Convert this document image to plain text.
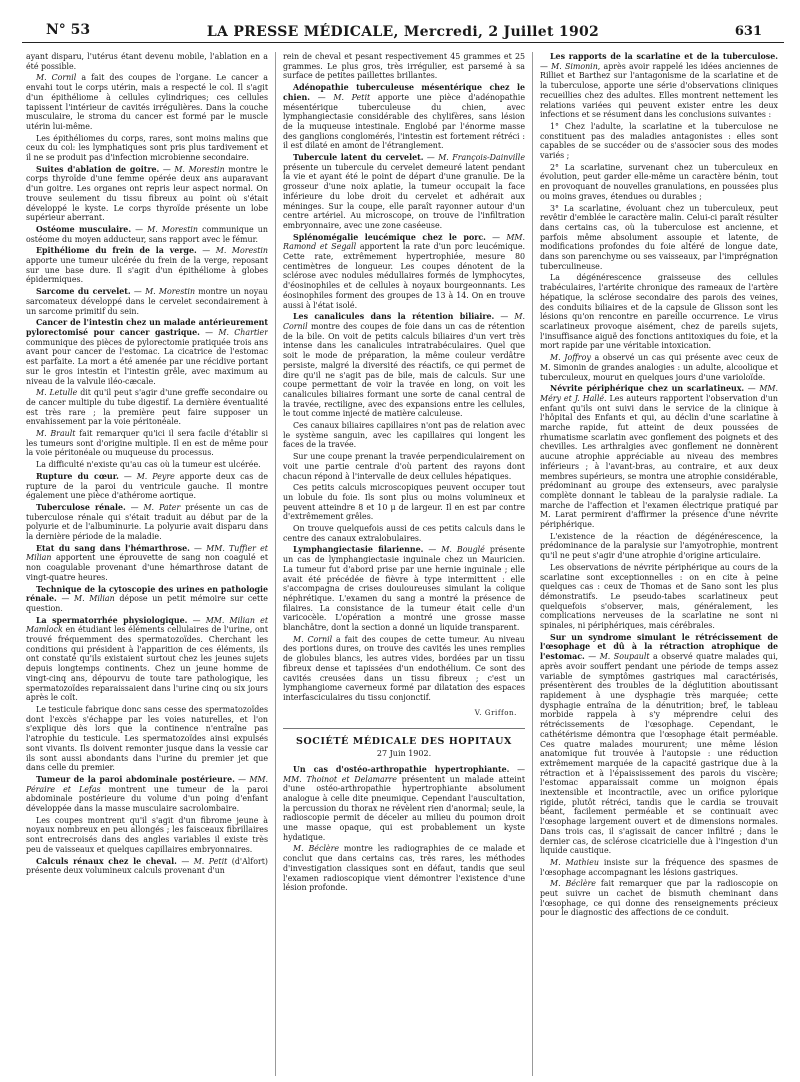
N° 53	LA PRESSE MÉDICALE, Mercredi, 2 Juillet 1902	631

ayant disparu, l'utérus étant devenu mobile, l'ablation en a été possible.

M. Cornil a fait des coupes de l'organe. Le cancer a envahi tout le corps utérin, mais a respecté le col. Il s'agit d'un épithéliome à cellules cylindriques; ces cellules tapissent l'intérieur de cavités irrégulières. Dans la couche musculaire, le stroma du cancer est formé par le muscle utérin lui-même.

Les épithéliomes du corps, rares, sont moins malins que ceux du col: les lymphatiques sont pris plus tardivement et il ne se produit pas d'infection microbienne secondaire.

Suites d'ablation de goitre. — M. Morestin montre le corps thyroïde d'une femme opérée deux ans auparavant d'un goitre. Les organes ont repris leur aspect normal. On trouve seulement du tissu fibreux au point où s'était développé le kyste. Le corps thyroïde présente un lobe supérieur aberrant.

Ostéome musculaire. — M. Morestin communique un ostéome du moyen adducteur, sans rapport avec le fémur.

Epithéliome du frein de la verge. — M. Morestin apporte une tumeur ulcérée du frein de la verge, reposant sur une base dure. Il s'agit d'un épithéliome à globes épidermiques.

Sarcome du cervelet. — M. Morestin montre un noyau sarcomateux développé dans le cervelet secondairement à un sarcome primitif du sein.

Cancer de l'intestin chez un malade antérieurement pylorectomisé pour cancer gastrique. — M. Chartier communique des pièces de pylorectomie pratiquée trois ans avant pour cancer de l'estomac. La cicatrice de l'estomac est parfaite. La mort a été amenée par une récidive portant sur le gros intestin et l'intestin grêle, avec maximum au niveau de la valvule iléo-cæcale.

M. Letulle dit qu'il peut s'agir d'une greffe secondaire ou de cancer multiple du tube digestif. La dernière éventualité est très rare ; la première peut faire supposer un envahissement par la voie péritonéale.

M. Brault fait remarquer qu'ici il sera facile d'établir si les tumeurs sont d'origine multiple. Il en est de même pour la voie péritonéale ou muqueuse du processus.

La difficulté n'existe qu'au cas où la tumeur est ulcérée.

Rupture du cœur. — M. Peyre apporte deux cas de rupture de la paroi du ventricule gauche. Il montre également une pièce d'athérome aortique.

Tuberculose rénale. — M. Pater présente un cas de tuberculose rénale qui s'était traduit au début par de la polyurie et de l'albuminurie. La polyurie avait disparu dans la dernière période de la maladie.

Etat du sang dans l'hémarthrose. — MM. Tuffier et Milian apportent une éprouvette de sang non coagulé et non coagulable provenant d'une hémarthrose datant de vingt-quatre heures.

Technique de la cytoscopie des urines en pathologie rénale. — M. Milian dépose un petit mémoire sur cette question.

La spermatorrhée physiologique. — MM. Milian et Mamlock en étudiant les éléments cellulaires de l'urine, ont trouvé fréquemment des spermatozoïdes. Cherchant les conditions qui président à l'apparition de ces éléments, ils ont constaté qu'ils existaient surtout chez les jeunes sujets depuis longtemps continents. Chez un jeune homme de vingt-cinq ans, dépourvu de toute tare pathologique, les spermatozoïdes reparaissaient dans l'urine cinq ou six jours après le coït.

Le testicule fabrique donc sans cesse des spermatozoïdes dont l'excès s'échappe par les voies naturelles, et l'on s'explique dès lors que la continence n'entraîne pas l'atrophie du testicule. Les spermatozoïdes ainsi expulsés sont vivants. Ils doivent remonter jusque dans la vessie car ils sont aussi abondants dans l'urine du premier jet que dans celle du premier.

Tumeur de la paroi abdominale postérieure. — MM. Péraire et Lefas montrent une tumeur de la paroi abdominale postérieure du volume d'un poing d'enfant développée dans la masse musculaire sacrolombaire.

Les coupes montrent qu'il s'agit d'un fibrome jeune à noyaux nombreux en peu allongés ; les faisceaux fibrillaires sont entrecroisés dans des angles variables il existe très peu de vaisseaux et quelques capillaires embryonnaires.

Calculs rénaux chez le cheval. — M. Petit (d'Alfort) présente deux volumineux calculs provenant d'un

rein de cheval et pesant respectivement 45 grammes et 25 grammes. Le plus gros, très irrégulier, est parsemé à sa surface de petites paillettes brillantes.

Adénopathie tuberculeuse mésentérique chez le chien. — M. Petit apporte une pièce d'adénopathie mésentérique tuberculeuse du chien, avec lymphangiectasie considérable des chylifères, sans lésion de la muqueuse intestinale. Englobé par l'énorme masse des ganglions conglomérés, l'intestin est fortement rétréci : il est dilaté en amont de l'étranglement.

Tubercule latent du cervelet. — M. François-Dainville présente un tubercule du cervelet demeuré latent pendant la vie et ayant été le point de départ d'une granulie. De la grosseur d'une noix aplatie, la tumeur occupait la face inférieure du lobe droit du cervelet et adhérait aux méninges. Sur la coupe, elle paraît rayonner autour d'un centre artériel. Au microscope, on trouve de l'infiltration embryonnaire, avec une zone caséeuse.

Splénomégalie leucémique chez le porc. — MM. Ramond et Segall apportent la rate d'un porc leucémique. Cette rate, extrêmement hypertrophiée, mesure 80 centimètres de longueur. Les coupes dénotent de la sclérose avec nodules médullaires formés de lymphocytes, d'éosinophiles et de cellules à noyaux bourgeonnants. Les éosinophiles forment des groupes de 13 à 14. On en trouve aussi à l'état isolé.

Les canalicules dans la rétention biliaire. — M. Cornil montre des coupes de foie dans un cas de rétention de la bile. On voit de petits calculs biliaires d'un vert très intense dans les canalicules intratrabéculaires. Quel que soit le mode de préparation, la même couleur verdâtre persiste, malgré la diversité des réactifs, ce qui permet de dire qu'il ne s'agit pas de bile, mais de calculs. Sur une coupe permettant de voir la travée en long, on voit les canalicules biliaires formant une sorte de canal central de la travée, rectiligne, avec des expansions entre les cellules, le tout comme injecté de matière calculeuse.

Ces canaux biliaires capillaires n'ont pas de relation avec le système sanguin, avec les capillaires qui longent les faces de la travée.

Sur une coupe prenant la travée perpendiculairement on voit une partie centrale d'où partent des rayons dont chacun répond à l'intervalle de deux cellules hépatiques.

Ces petits calculs microscopiques peuvent occuper tout un lobule du foie. Ils sont plus ou moins volumineux et peuvent atteindre 8 et 10 μ de largeur. Il en est par contre d'extrêmement grêles.

On trouve quelquefois aussi de ces petits calculs dans le centre des canaux extralobulaires.

Lymphangiectasie filarienne. — M. Bouglé présente un cas de lymphangiectasie inguinale chez un Mauricien. La tumeur fut d'abord prise par une hernie inguinale ; elle avait été précédée de fièvre à type intermittent : elle s'accompagna de crises douloureuses simulant la colique néphrétique. L'examen du sang a montré la présence de filaires. La consistance de la tumeur était celle d'un varicocèle. L'opération a montré une grosse masse blanchâtre, dont la section a donné un liquide transparent.

M. Cornil a fait des coupes de cette tumeur. Au niveau des portions dures, on trouve des cavités les unes remplies de globules blancs, les autres vides, bordées par un tissu fibreux dense et tapissées d'un endothélium. Ce sont des cavités creusées dans un tissu fibreux ; c'est un lymphangiome caverneux formé par dilatation des espaces interfasciculaires du tissu conjonctif.

V. Griffon.
SOCIÉTÉ MÉDICALE DES HOPITAUX
27 Juin 1902.

Un cas d'ostéo-arthropathie hypertrophiante. — MM. Thoinot et Delamarre présentent un malade atteint d'une ostéo-arthropathie hypertrophiante absolument analogue à celle dite pneumique. Cependant l'auscultation, la percussion du thorax ne révèlent rien d'anormal; seule, la radioscopie permit de déceler au milieu du poumon droit une masse opaque, qui est probablement un kyste hydatique.

M. Béclère montre les radiographies de ce malade et conclut que dans certains cas, très rares, les méthodes d'investigation classiques sont en défaut, tandis que seul l'examen radioscopique vient démontrer l'existence d'une lésion profonde.

Les rapports de la scarlatine et de la tuberculose. — M. Simonin, après avoir rappelé les idées anciennes de Rilliet et Barthez sur l'antagonisme de la scarlatine et de la tuberculose, apporte une série d'observations cliniques recueillies chez des adultes. Elles montrent nettement les relations variées qui peuvent exister entre les deux infections et se résument dans les conclusions suivantes :

1° Chez l'adulte, la scarlatine et la tuberculose ne constituent pas des maladies antagonistes : elles sont capables de se succéder ou de s'associer sous des modes variés ;

2° La scarlatine, survenant chez un tuberculeux en évolution, peut garder elle-même un caractère bénin, tout en provoquant de nouvelles granulations, en poussées plus ou moins graves, étendues ou durables ;

3° La scarlatine, évoluant chez un tuberculeux, peut revêtir d'emblée le caractère malin. Celui-ci paraît résulter dans certains cas, où la tuberculose est ancienne, et parfois même absolument assoupie et latente, de modifications profondes du foie altéré de longue date, dans son parenchyme ou ses vaisseaux, par l'imprégnation tuberculineuse.

La dégénérescence graisseuse des cellules trabéculaires, l'artérite chronique des rameaux de l'artère hépatique, la sclérose secondaire des parois des veines, des conduits biliaires et de la capsule de Glisson sont les lésions qu'on rencontre en pareille occurrence. Le virus scarlatineux provoque aisément, chez de pareils sujets, l'insuffisance aiguë des fonctions antitoxiques du foie, et la mort rapide par une véritable intoxication.

M. Joffroy a observé un cas qui présente avec ceux de M. Simonin de grandes analogies : un adulte, alcoolique et tuberculeux, mourut en quelques jours d'une varioloïde.

Névrite périphérique chez un scarlatineux. — MM. Méry et J. Hallé. Les auteurs rapportent l'observation d'un enfant qu'ils ont suivi dans le service de la clinique à l'hôpital des Enfants et qui, au déclin d'une scarlatine à marche rapide, fut atteint de deux poussées de rhumatisme scarlatin avec gonflement des poignets et des chevilles. Les arthralgies avec gonflement ne donnèrent aucune atrophie appréciable au niveau des membres inférieurs ; à l'avant-bras, au contraire, et aux deux membres supérieurs, se montra une atrophie considérable, prédominant au groupe des extenseurs, avec paralysie complète donnant le tableau de la paralysie radiale. La marche de l'affection et l'examen électrique pratiqué par M. Larat permirent d'affirmer la présence d'une névrite périphérique.

L'existence de la réaction de dégénérescence, la prédominance de la paralysie sur l'amyotrophie, montrent qu'il ne peut s'agir d'une atrophie d'origine articulaire.

Les observations de névrite périphérique au cours de la scarlatine sont exceptionnelles : on en cite à peine quelques cas : ceux de Thomas et de Sano sont les plus démonstratifs. Le pseudo-tabes scarlatineux peut quelquefois s'observer, mais, généralement, les complications nerveuses de la scarlatine ne sont ni spinales, ni périphériques, mais cérébrales.

Sur un syndrome simulant le rétrécissement de l'œsophage et dû à la rétraction atrophique de l'estomac. — M. Soupault a observé quatre malades qui, après avoir souffert pendant une période de temps assez variable de symptômes gastriques mal caractérisés, présentèrent des troubles de la déglutition aboutissant rapidement à une dysphagie très marquée; cette dysphagie entraîna de la dénutrition; bref, le tableau morbide rappela à s'y méprendre celui des rétrécissements de l'œsophage. Cependant, le cathétérisme démontra que l'œsophage était perméable. Ces quatre malades moururent; une même lésion anatomique fut trouvée à l'autopsie : une réduction extrêmement marquée de la capacité gastrique due à la rétraction et à l'épaississement des parois du viscère; l'estomac apparaissait comme un moignon épais inextensible et incontractile, avec un orifice pylorique rigide, plutôt rétréci, tandis que le cardia se trouvait béant, facilement perméable et se continuait avec l'œsophage largement ouvert et de dimensions normales. Dans trois cas, il s'agissait de cancer infiltré ; dans le dernier cas, de sclérose cicatricielle due à l'ingestion d'un liquide caustique.

M. Mathieu insiste sur la fréquence des spasmes de l'œsophage accompagnant les lésions gastriques.

M. Béclère fait remarquer que par la radioscopie on peut suivre un cachet de bismuth cheminant dans l'œsophage, ce qui donne des renseignements précieux pour le diagnostic des affections de ce conduit.
